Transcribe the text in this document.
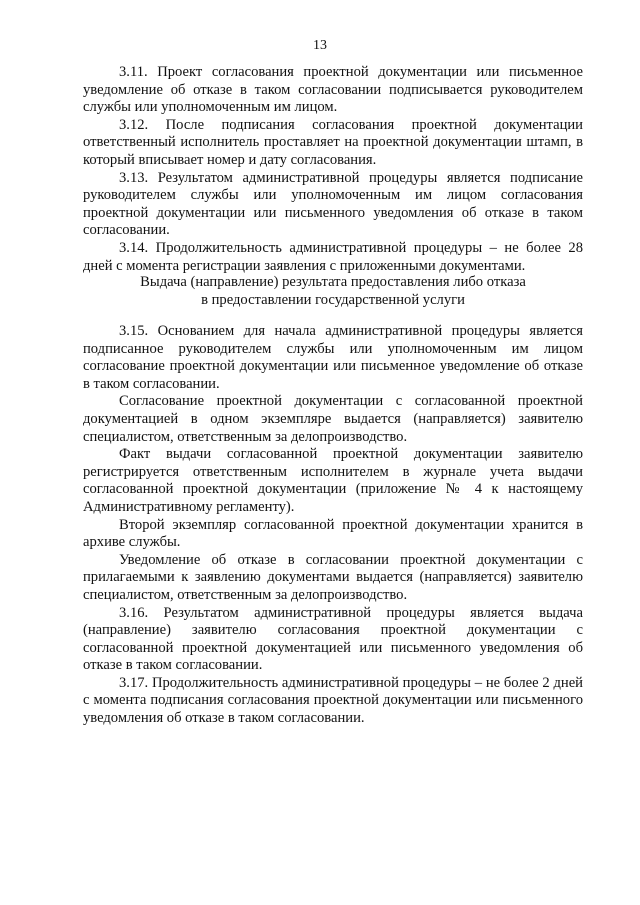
13

3.11. Проект согласования проектной документации или письменное уведомление об отказе в таком согласовании подписывается руководителем службы или уполномоченным им лицом.

3.12. После подписания согласования проектной документации ответственный исполнитель проставляет на проектной документации штамп, в который вписывает номер и дату согласования.

3.13. Результатом административной процедуры является подписание руководителем службы или уполномоченным им лицом согласования проектной документации или письменного уведомления об отказе в таком согласовании.

3.14. Продолжительность административной процедуры – не более 28 дней с момента регистрации заявления с приложенными документами.

Выдача (направление) результата предоставления либо отказа

в предоставлении государственной услуги

3.15. Основанием для начала административной процедуры является подписанное руководителем службы или уполномоченным им лицом согласование проектной документации или письменное уведомление об отказе в таком согласовании.

Согласование проектной документации с согласованной проектной документацией в одном экземпляре выдается (направляется) заявителю специалистом, ответственным за делопроизводство.

Факт выдачи согласованной проектной документации заявителю регистрируется ответственным исполнителем в журнале учета выдачи согласованной проектной документации (приложение № 4 к настоящему Административному регламенту).

Второй экземпляр согласованной проектной документации хранится в архиве службы.

Уведомление об отказе в согласовании проектной документации с прилагаемыми к заявлению документами выдается (направляется) заявителю специалистом, ответственным за делопроизводство.

3.16. Результатом административной процедуры является выдача (направление) заявителю согласования проектной документации с согласованной проектной документацией или письменного уведомления об отказе в таком согласовании.

3.17. Продолжительность административной процедуры – не более 2 дней с момента подписания согласования проектной документации или письменного уведомления об отказе в таком согласовании.
